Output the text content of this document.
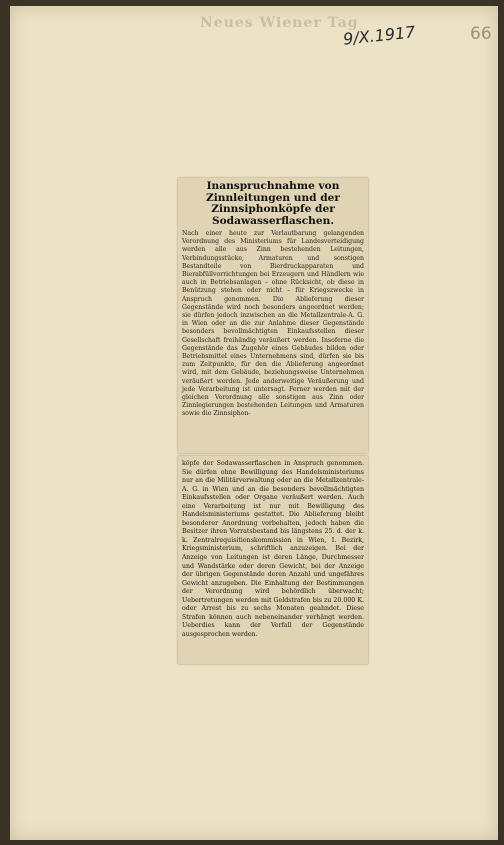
Neues Wiener Tag
9/X.1917	66
Inanspruchnahme von Zinnleitungen und der Zinnsiphonköpfe der Sodawasserflaschen.
Nach einer heute zur Verlautbarung gelangenden Verordnung des Ministeriums für Landesverteidigung werden alle aus Zinn bestehenden Leitungen, Verbindungsstücke, Armaturen und sonstigen Bestandteile von Bierdruckapparaten und Bierabfüllvorrichtungen bei Erzeugern und Händlern wie auch in Betriebsanlagen – ohne Rücksicht, ob diese in Benützung stehen oder nicht – für Kriegszwecke in Anspruch genommen. Die Ablieferung dieser Gegenstände wird noch besonders angeordnet werden; sie dürfen jedoch inzwischen an die Metallzentrale-A. G. in Wien oder an die zur Anlahme dieser Gegenstände besonders bevollmächtigten Einkaufsstellen dieser Gesellschaft freihändig veräußert werden. Insoferne die Gegenstände das Zugehör eines Gebäudes bilden oder Betriebsmittel eines Unternehmens sind, dürfen sie bis zum Zeitpunkte, für den die Ablieferung angeordnet wird, mit dem Gebäude, beziehungsweise Unternehmen veräußert werden. Jede anderweitige Veräußerung und jede Verarbeitung ist untersagt. Ferner werden mit der gleichen Verordnung alle sonstigen aus Zinn oder Zinnlegierungen bestehenden Leitungen und Armaturen sowie die Zinnsiphon-
köpfe der Sodawasserflaschen in Anspruch genommen. Sie dürfen ohne Bewilligung des Handelsministeriums nur an die Militärverwaltung oder an die Metallzentrale-A. G. in Wien und an die besonders bevollmächtigten Einkaufsstellen oder Organe veräußert werden. Auch eine Verarbeitung ist nur mit Bewilligung des Handelsministeriums gestattet. Die Ablieferung bleibt besonderer Anordnung vorbehalten, jedoch haben die Besitzer ihren Vorratsbestand bis längstens 25. d. der k. k. Zentralrequisitionskommission in Wien, I. Bezirk, Kriegsministerium, schriftlich anzuzeigen. Bei der Anzeige von Leitungen ist deren Länge, Durchmesser und Wandstärke oder deren Gewicht, bei der Anzeige der übrigen Gegenstände deren Anzahl und ungefähres Gewicht anzugeben. Die Einhaltung der Bestimmungen der Verordnung wird behördlich überwacht; Uebertretungen werden mit Geldstrafen bis zu 20.000 K. oder Arrest bis zu sechs Monaten geahndet. Diese Strafen können auch nebeneinander verhängt werden. Ueberdies kann der Verfall der Gegenstände ausgesprochen werden.
